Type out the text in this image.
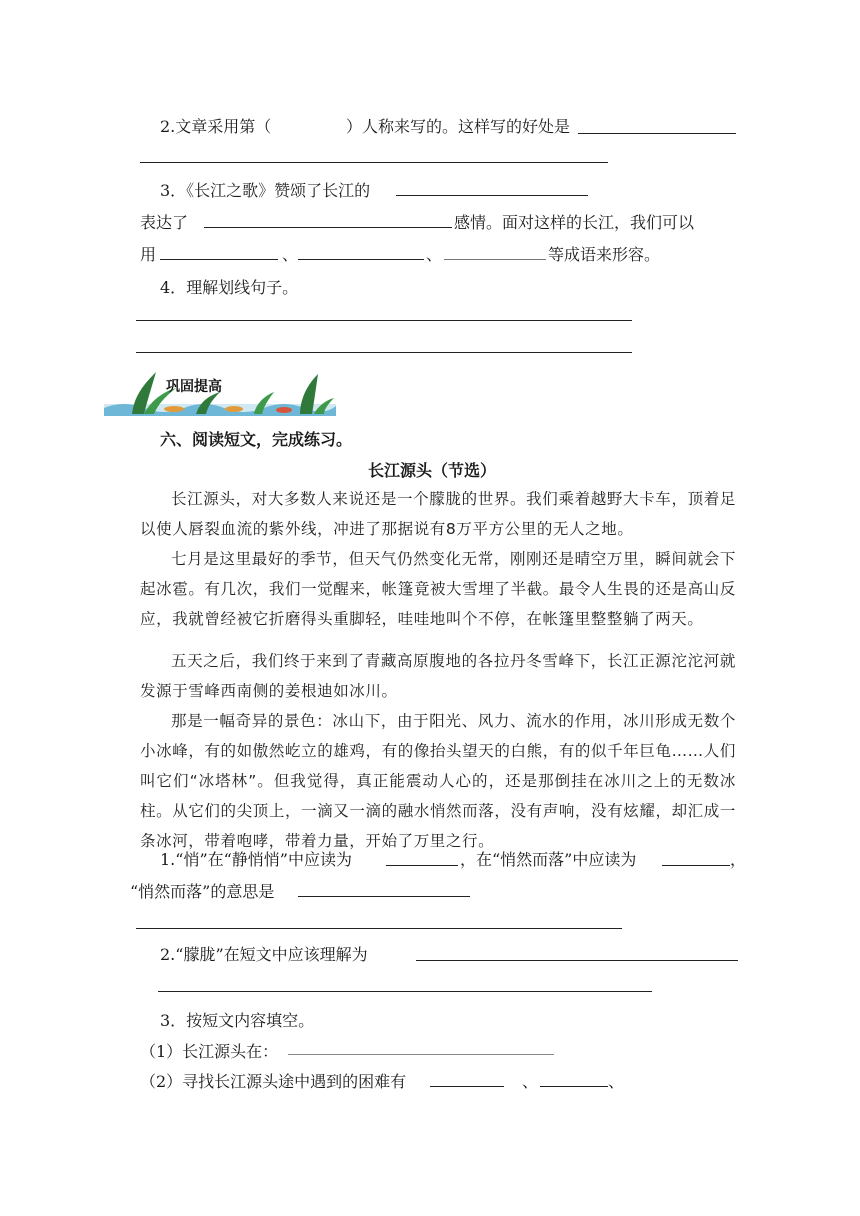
2.文章采用第（	）人称来写的。这样写的好处是
3．《长江之歌》赞颂了长江的
表达了	感情。面对这样的长江，我们可以
用	、	、	等成语来形容。
4．理解划线句子。
巩固提高
六、阅读短文，完成练习。
长江源头（节选）
长江源头，对大多数人来说还是一个朦胧的世界。我们乘着越野大卡车，顶着足以使人唇裂血流的紫外线，冲进了那据说有8万平方公里的无人之地。
七月是这里最好的季节，但天气仍然变化无常，刚刚还是晴空万里，瞬间就会下起冰雹。有几次，我们一觉醒来，帐篷竟被大雪埋了半截。最令人生畏的还是高山反应，我就曾经被它折磨得头重脚轻，哇哇地叫个不停，在帐篷里整整躺了两天。
五天之后，我们终于来到了青藏高原腹地的各拉丹冬雪峰下，长江正源沱沱河就发源于雪峰西南侧的姜根迪如冰川。
那是一幅奇异的景色：冰山下，由于阳光、风力、流水的作用，冰川形成无数个小冰峰，有的如傲然屹立的雄鸡，有的像抬头望天的白熊，有的似千年巨龟……人们叫它们“冰塔林”。但我觉得，真正能震动人心的，还是那倒挂在冰川之上的无数冰柱。从它们的尖顶上，一滴又一滴的融水悄然而落，没有声响，没有炫耀，却汇成一条冰河，带着咆哮，带着力量，开始了万里之行。
1.“悄”在“静悄悄”中应读为	，在“悄然而落”中应读为	，
“悄然而落”的意思是
2.“朦胧”在短文中应该理解为
3．按短文内容填空。
（1）长江源头在：
（2）寻找长江源头途中遇到的困难有	、	、
